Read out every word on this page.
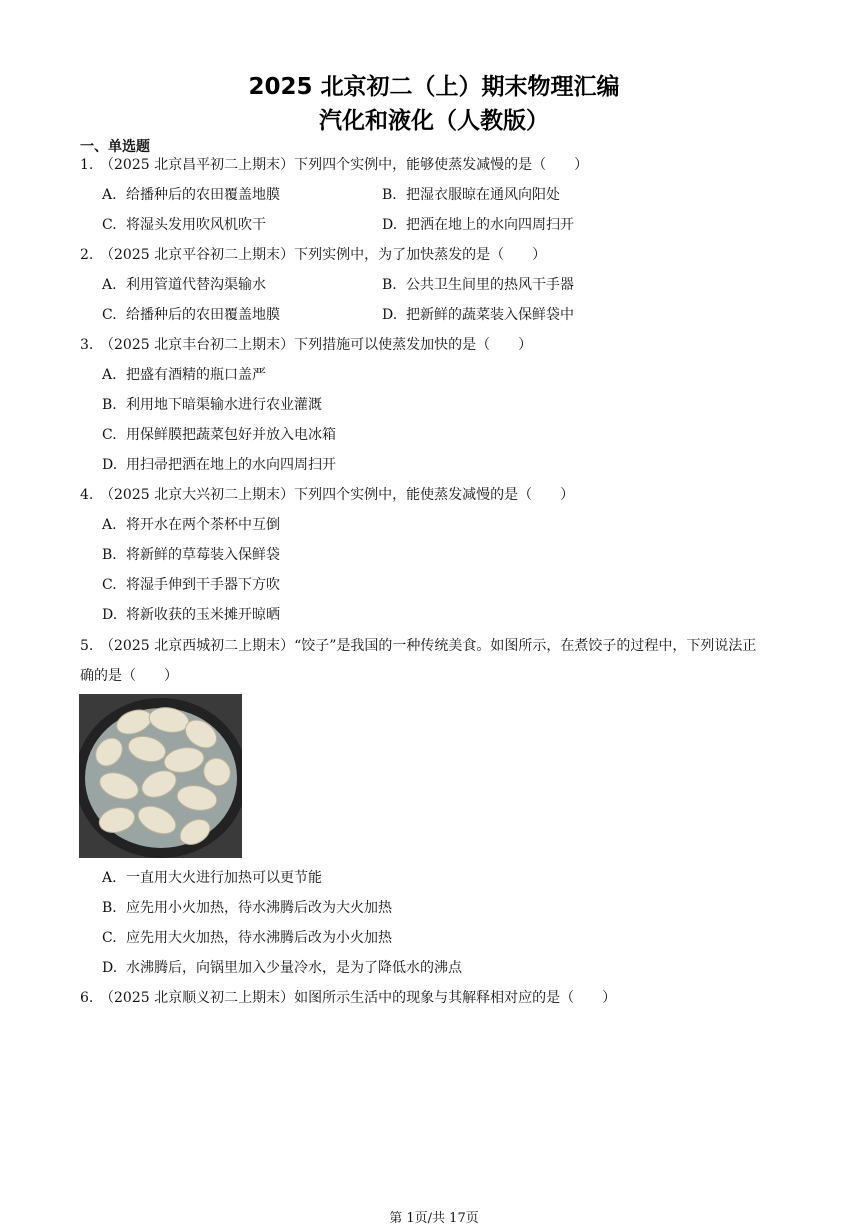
2025 北京初二（上）期末物理汇编
汽化和液化（人教版）
一、单选题
1. （2025 北京昌平初二上期末）下列四个实例中，能够使蒸发减慢的是（　　）
A. 给播种后的农田覆盖地膜	B. 把湿衣服晾在通风向阳处
C. 将湿头发用吹风机吹干	D. 把洒在地上的水向四周扫开
2. （2025 北京平谷初二上期末）下列实例中，为了加快蒸发的是（　　）
A. 利用管道代替沟渠输水	B. 公共卫生间里的热风干手器
C. 给播种后的农田覆盖地膜	D. 把新鲜的蔬菜装入保鲜袋中
3. （2025 北京丰台初二上期末）下列措施可以使蒸发加快的是（　　）
A. 把盛有酒精的瓶口盖严
B. 利用地下暗渠输水进行农业灌溉
C. 用保鲜膜把蔬菜包好并放入电冰箱
D. 用扫帚把洒在地上的水向四周扫开
4. （2025 北京大兴初二上期末）下列四个实例中，能使蒸发减慢的是（　　）
A. 将开水在两个茶杯中互倒
B. 将新鲜的草莓装入保鲜袋
C. 将湿手伸到干手器下方吹
D. 将新收获的玉米摊开晾晒
5. （2025 北京西城初二上期末）“饺子”是我国的一种传统美食。如图所示，在煮饺子的过程中，下列说法正
确的是（　　）
A. 一直用大火进行加热可以更节能
B. 应先用小火加热，待水沸腾后改为大火加热
C. 应先用大火加热，待水沸腾后改为小火加热
D. 水沸腾后，向锅里加入少量冷水，是为了降低水的沸点
6. （2025 北京顺义初二上期末）如图所示生活中的现象与其解释相对应的是（　　）
第 1页/共 17页
